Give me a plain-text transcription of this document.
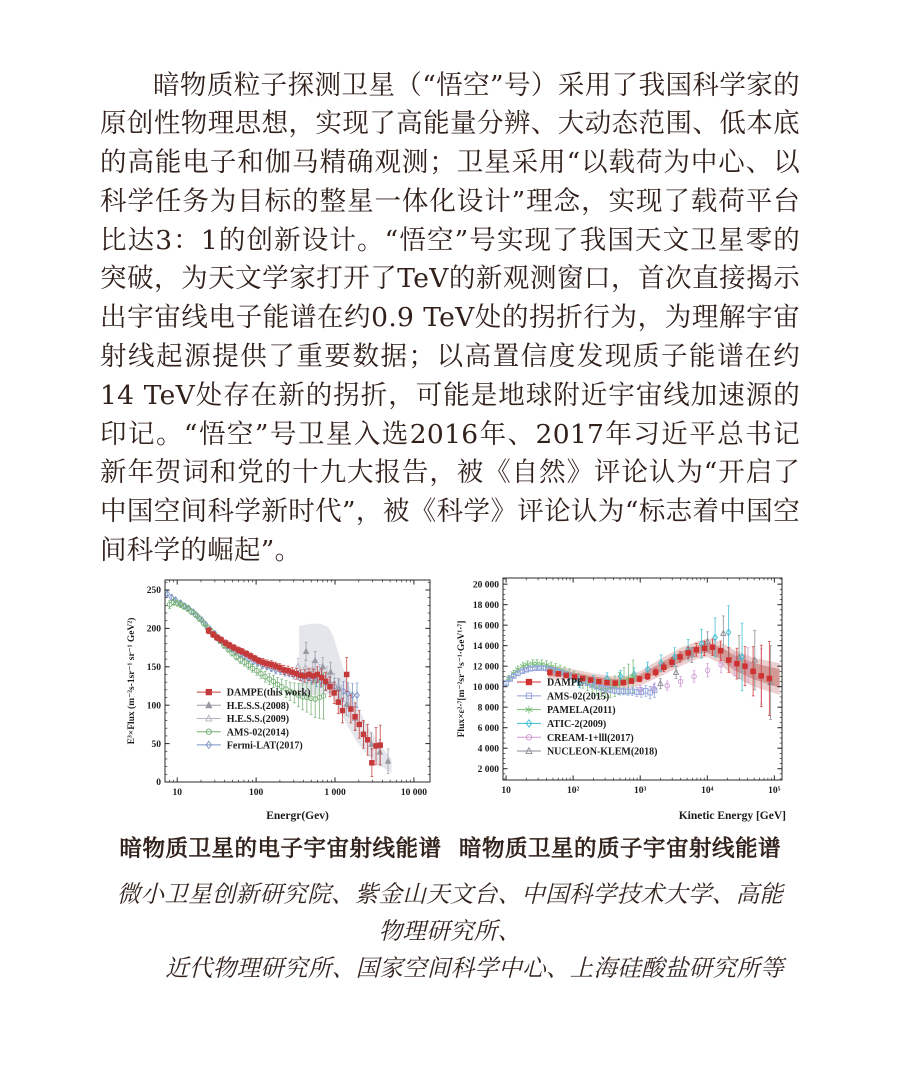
暗物质粒子探测卫星（“悟空”号）采用了我国科学家的原创性物理思想，实现了高能量分辨、大动态范围、低本底的高能电子和伽马精确观测；卫星采用“以载荷为中心、以科学任务为目标的整星一体化设计”理念，实现了载荷平台比达3：1的创新设计。“悟空”号实现了我国天文卫星零的突破，为天文学家打开了TeV的新观测窗口，首次直接揭示出宇宙线电子能谱在约0.9 TeV处的拐折行为，为理解宇宙射线起源提供了重要数据；以高置信度发现质子能谱在约14 TeV处存在新的拐折，可能是地球附近宇宙线加速源的印记。“悟空”号卫星入选2016年、2017年习近平总书记新年贺词和党的十九大报告，被《自然》评论认为“开启了中国空间科学新时代”，被《科学》评论认为“标志着中国空间科学的崛起”。

10	100	1 000	10 000
0
50
100
150
200
250
Energr(Gev)
E³×Flux (m⁻²s-1sr⁻¹ sr⁻¹ GeV²)	DAMPE(this work)
H.E.S.S.(2008)
H.E.S.S.(2009)
AMS-02(2014)
Fermi-LAT(2017)
10	10²	10³	10⁴	10⁵
2 000
4 000
6 000
8 000
10 000
12 000
14 000
16 000
18 000
20 000
Kinetic Energy [GeV]
Flux×ε²·⁷[m⁻²sr⁻¹s⁻¹·GeV¹·⁷]	DAMPE
AMS-02(2015)
PAMELA(2011)
ATIC-2(2009)
CREAM-1+lll(2017)
NUCLEON-KLEM(2018)
暗物质卫星的电子宇宙射线能谱 暗物质卫星的质子宇宙射线能谱
微小卫星创新研究院、紫金山天文台、中国科学技术大学、高能物理研究所、
近代物理研究所、国家空间科学中心、上海硅酸盐研究所等
